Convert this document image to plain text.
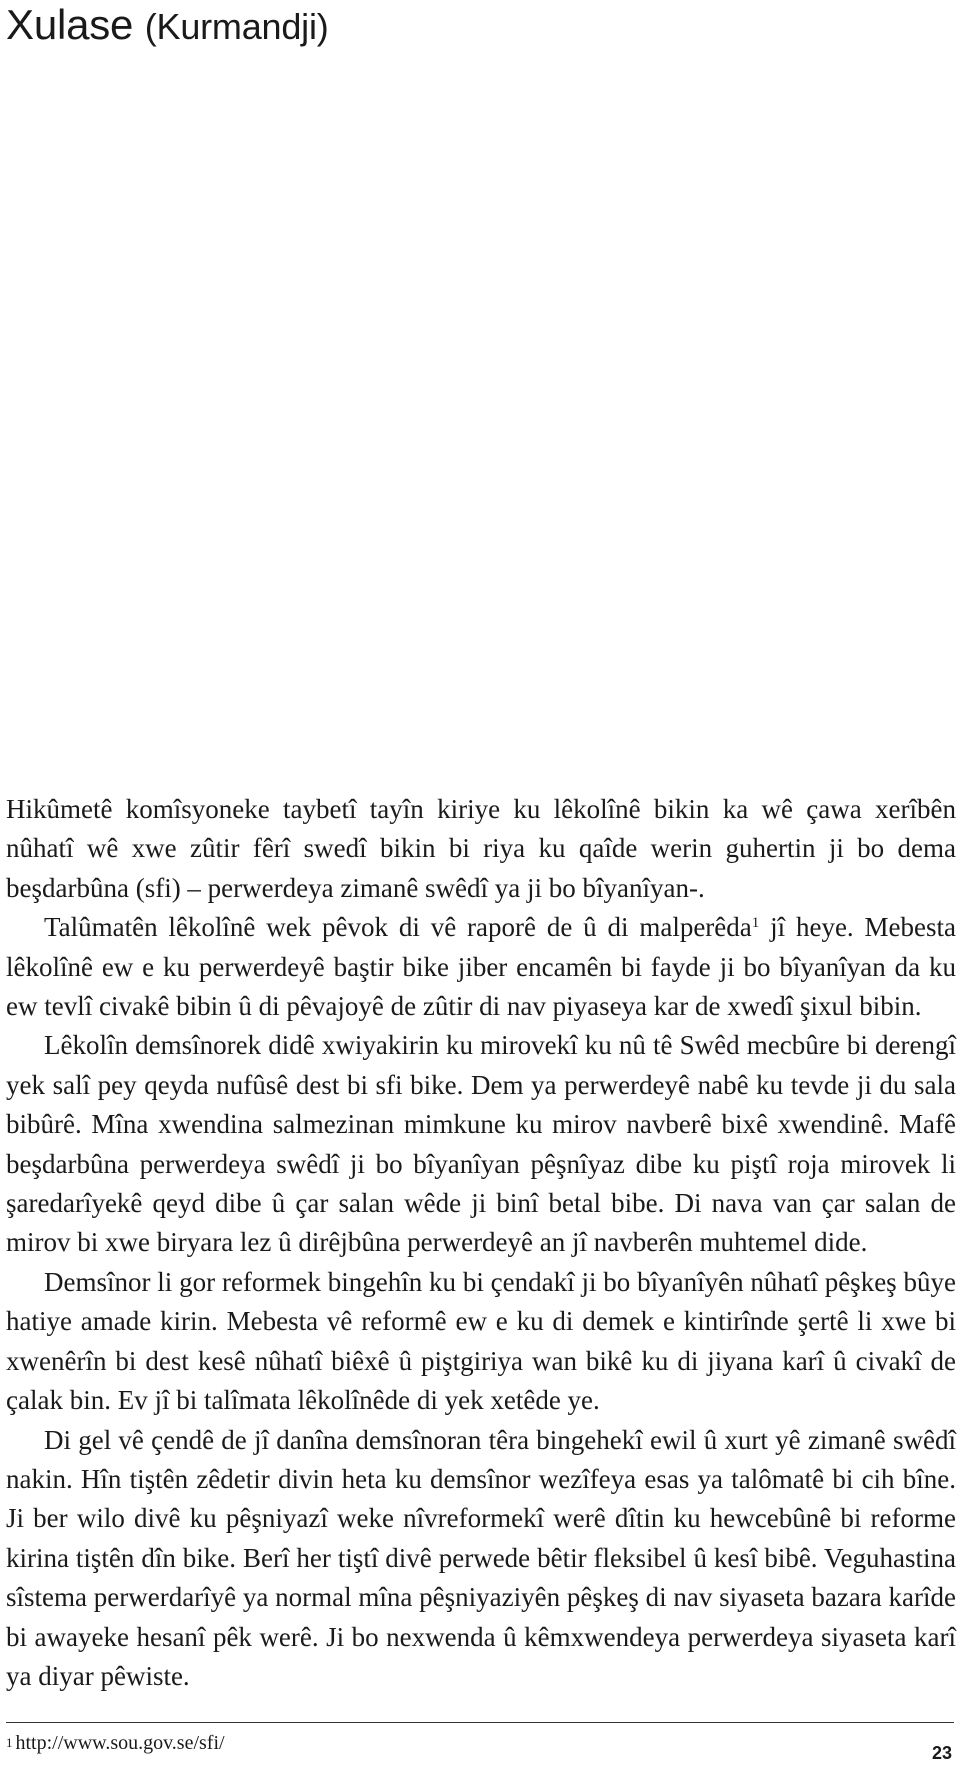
Xulase (Kurmandji)

Hikûmetê komîsyoneke taybetî tayîn kiriye ku lêkolînê bikin ka wê çawa xerîbên nûhatî wê xwe zûtir fêrî swedî bikin bi riya ku qaîde werin guhertin ji bo dema beşdarbûna (sfi) – perwerdeya zimanê swêdî ya ji bo bîyanîyan-.

Talûmatên lêkolînê wek pêvok di vê raporê de û di malperêda$^1$ jî heye. Mebesta lêkolînê ew e ku perwerdeyê baştir bike jiber encamên bi fayde ji bo bîyanîyan da ku ew tevlî civakê bibin û di pêvajoyê de zûtir di nav piyaseya kar de xwedî şixul bibin.

Lêkolîn demsînorek didê xwiyakirin ku mirovekî ku nû tê Swêd mecbûre bi derengî yek salî pey qeyda nufûsê dest bi sfi bike. Dem ya perwerdeyê nabê ku tevde ji du sala bibûrê. Mîna xwendina salmezinan mimkune ku mirov navberê bixê xwendinê. Mafê beşdarbûna perwerdeya swêdî ji bo bîyanîyan pêşnîyaz dibe ku piştî roja mirovek li şaredarîyekê qeyd dibe û çar salan wêde ji binî betal bibe. Di nava van çar salan de mirov bi xwe biryara lez û dirêjbûna perwerdeyê an jî navberên muhtemel dide.

Demsînor li gor reformek bingehîn ku bi çendakî ji bo bîyanîyên nûhatî pêşkeş bûye hatiye amade kirin. Mebesta vê reformê ew e ku di demek e kintirînde şertê li xwe bi xwenêrîn bi dest kesê nûhatî biêxê û piştgiriya wan bikê ku di jiyana karî û civakî de çalak bin. Ev jî bi talîmata lêkolînêde di yek xetêde ye.

Di gel vê çendê de jî danîna demsînoran têra bingehekî ewil û xurt yê zimanê swêdî nakin. Hîn tiştên zêdetir divin heta ku demsînor wezîfeya esas ya talômatê bi cih bîne. Ji ber wilo divê ku pêşniyazî weke nîvreformekî werê dîtin ku hewcebûnê bi reforme kirina tiştên dîn bike. Berî her tiştî divê perwede bêtir fleksibel û kesî bibê. Veguhastina sîstema perwerdarîyê ya normal mîna pêşniyaziyên pêşkeş di nav siyaseta bazara karîde bi awayeke hesanî pêk werê. Ji bo nexwenda û kêmxwendeya perwerdeya siyaseta karî ya diyar pêwiste.

$^1$ http://www.sou.gov.se/sfi/	23
